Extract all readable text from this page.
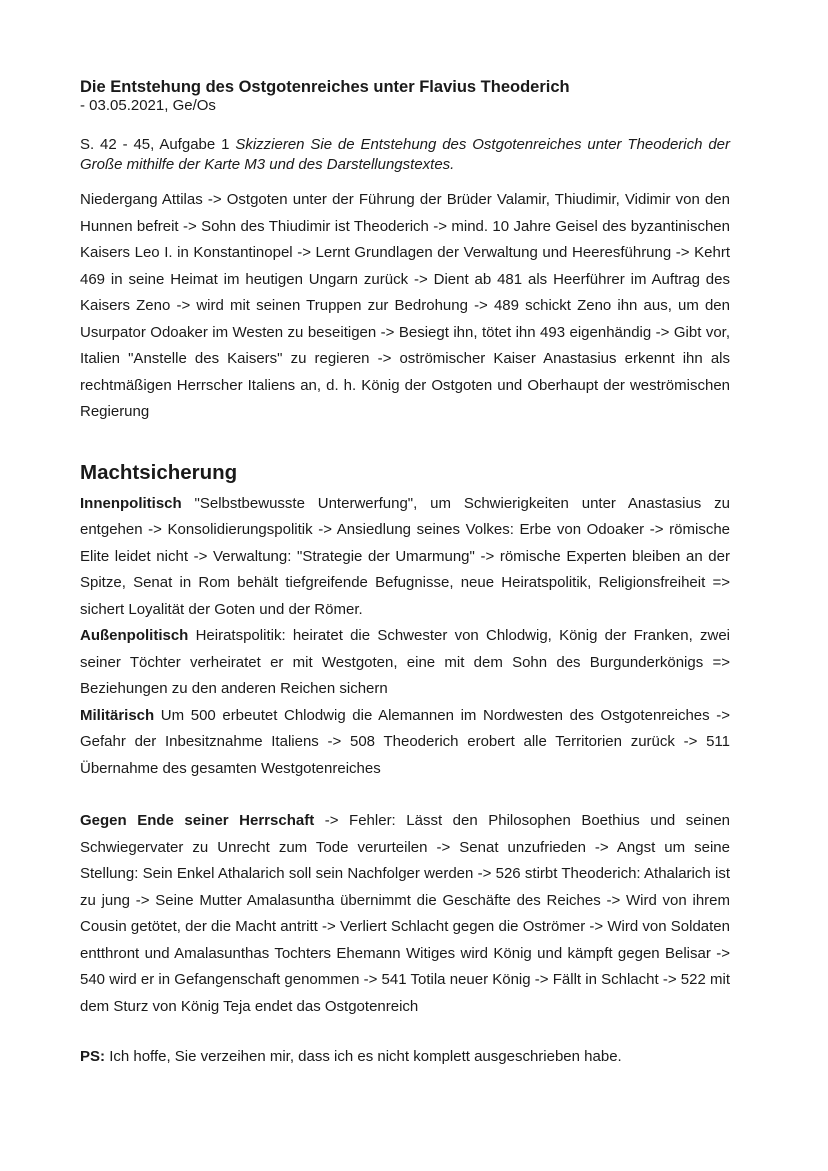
Die Entstehung des Ostgotenreiches unter Flavius Theoderich
- 03.05.2021, Ge/Os

S. 42 - 45, Aufgabe 1 Skizzieren Sie de Entstehung des Ostgotenreiches unter Theoderich der Große mithilfe der Karte M3 und des Darstellungstextes.

Niedergang Attilas -> Ostgoten unter der Führung der Brüder Valamir, Thiudimir, Vidimir von den Hunnen befreit -> Sohn des Thiudimir ist Theoderich -> mind. 10 Jahre Geisel des byzantinischen Kaisers Leo I. in Konstantinopel -> Lernt Grundlagen der Verwaltung und Heeresführung -> Kehrt 469 in seine Heimat im heutigen Ungarn zurück -> Dient ab 481 als Heerführer im Auftrag des Kaisers Zeno -> wird mit seinen Truppen zur Bedrohung -> 489 schickt Zeno ihn aus, um den Usurpator Odoaker im Westen zu beseitigen -> Besiegt ihn, tötet ihn 493 eigenhändig -> Gibt vor, Italien "Anstelle des Kaisers" zu regieren -> oströmischer Kaiser Anastasius erkennt ihn als rechtmäßigen Herrscher Italiens an, d. h. König der Ostgoten und Oberhaupt der weströmischen Regierung

Machtsicherung

Innenpolitisch "Selbstbewusste Unterwerfung", um Schwierigkeiten unter Anastasius zu entgehen -> Konsolidierungspolitik -> Ansiedlung seines Volkes: Erbe von Odoaker -> römische Elite leidet nicht -> Verwaltung: "Strategie der Umarmung" -> römische Experten bleiben an der Spitze, Senat in Rom behält tiefgreifende Befugnisse, neue Heiratspolitik, Religionsfreiheit => sichert Loyalität der Goten und der Römer.

Außenpolitisch Heiratspolitik: heiratet die Schwester von Chlodwig, König der Franken, zwei seiner Töchter verheiratet er mit Westgoten, eine mit dem Sohn des Burgunderkönigs => Beziehungen zu den anderen Reichen sichern

Militärisch Um 500 erbeutet Chlodwig die Alemannen im Nordwesten des Ostgotenreiches -> Gefahr der Inbesitznahme Italiens -> 508 Theoderich erobert alle Territorien zurück -> 511 Übernahme des gesamten Westgotenreiches

Gegen Ende seiner Herrschaft -> Fehler: Lässt den Philosophen Boethius und seinen Schwiegervater zu Unrecht zum Tode verurteilen -> Senat unzufrieden -> Angst um seine Stellung: Sein Enkel Athalarich soll sein Nachfolger werden -> 526 stirbt Theoderich: Athalarich ist zu jung -> Seine Mutter Amalasuntha übernimmt die Geschäfte des Reiches -> Wird von ihrem Cousin getötet, der die Macht antritt -> Verliert Schlacht gegen die Oströmer -> Wird von Soldaten entthront und Amalasunthas Tochters Ehemann Witiges wird König und kämpft gegen Belisar -> 540 wird er in Gefangenschaft genommen -> 541 Totila neuer König -> Fällt in Schlacht -> 522 mit dem Sturz von König Teja endet das Ostgotenreich

PS: Ich hoffe, Sie verzeihen mir, dass ich es nicht komplett ausgeschrieben habe.
